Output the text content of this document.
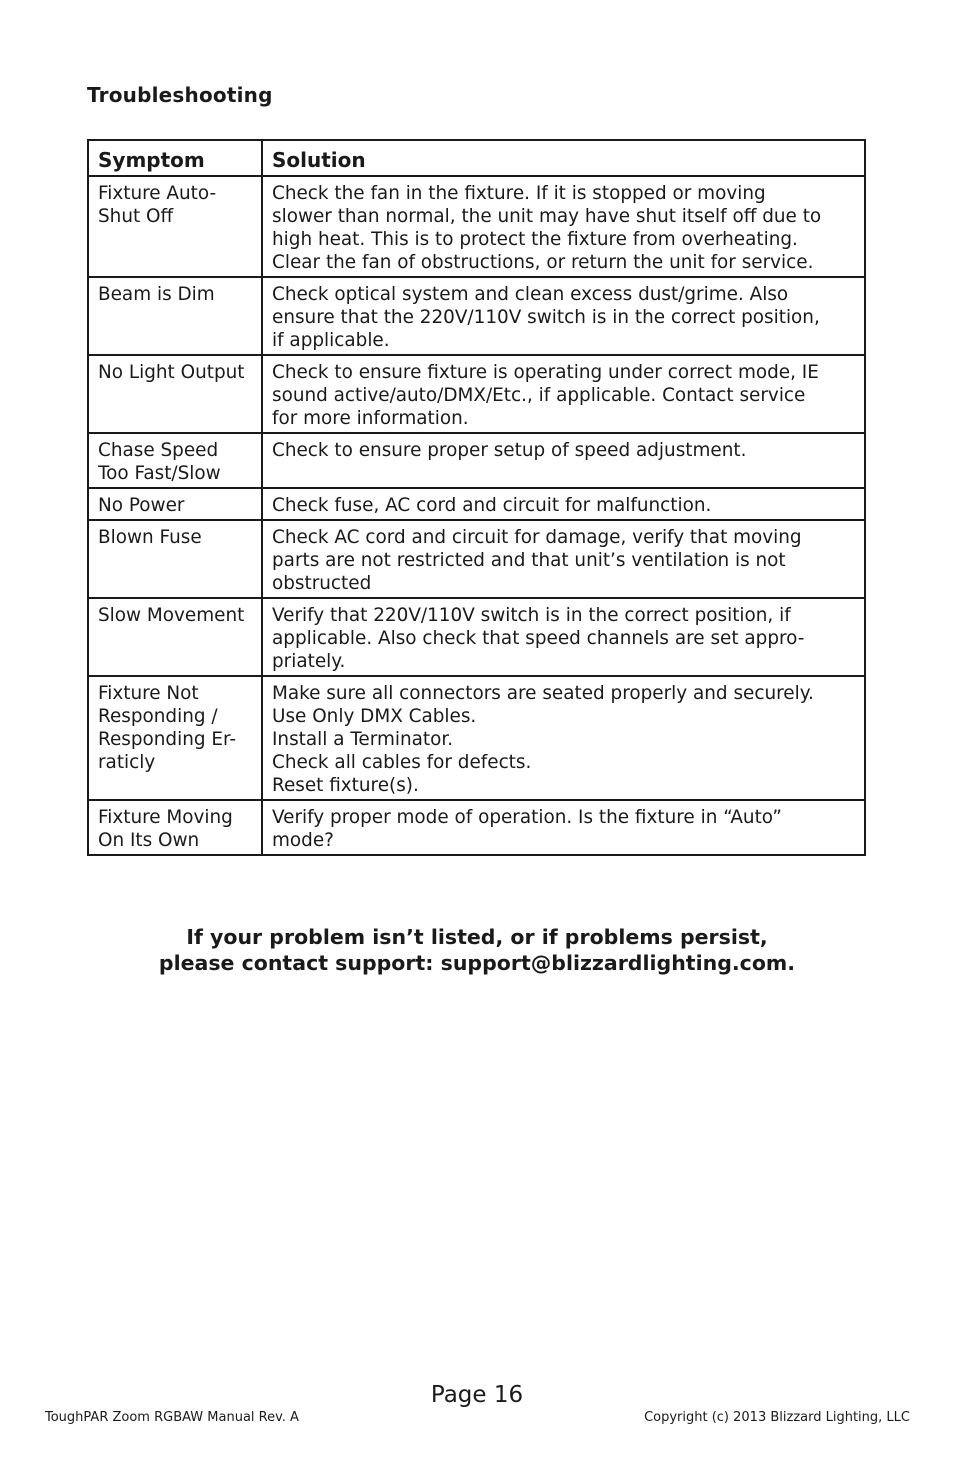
Troubleshooting
Symptom	Solution

Fixture Auto-
Shut Off	Check the fan in the fixture. If it is stopped or moving
slower than normal, the unit may have shut itself off due to
high heat. This is to protect the fixture from overheating.
Clear the fan of obstructions, or return the unit for service.

Beam is Dim	Check optical system and clean excess dust/grime. Also
ensure that the 220V/110V switch is in the correct position,
if applicable.

No Light Output	Check to ensure fixture is operating under correct mode, IE
sound active/auto/DMX/Etc., if applicable. Contact service
for more information.

Chase Speed
Too Fast/Slow	Check to ensure proper setup of speed adjustment.

No Power	Check fuse, AC cord and circuit for malfunction.

Blown Fuse	Check AC cord and circuit for damage, verify that moving
parts are not restricted and that unit’s ventilation is not
obstructed

Slow Movement	Verify that 220V/110V switch is in the correct position, if
applicable. Also check that speed channels are set appro-
priately.

Fixture Not
Responding /
Responding Er-
raticly	Make sure all connectors are seated properly and securely.
Use Only DMX Cables.
Install a Terminator.
Check all cables for defects.
Reset fixture(s).

Fixture Moving
On Its Own	Verify proper mode of operation. Is the fixture in “Auto”
mode?
If your problem isn’t listed, or if problems persist,
please contact support: support@blizzardlighting.com.
Page 16
ToughPAR Zoom RGBAW Manual Rev. A	Copyright (c) 2013 Blizzard Lighting, LLC
